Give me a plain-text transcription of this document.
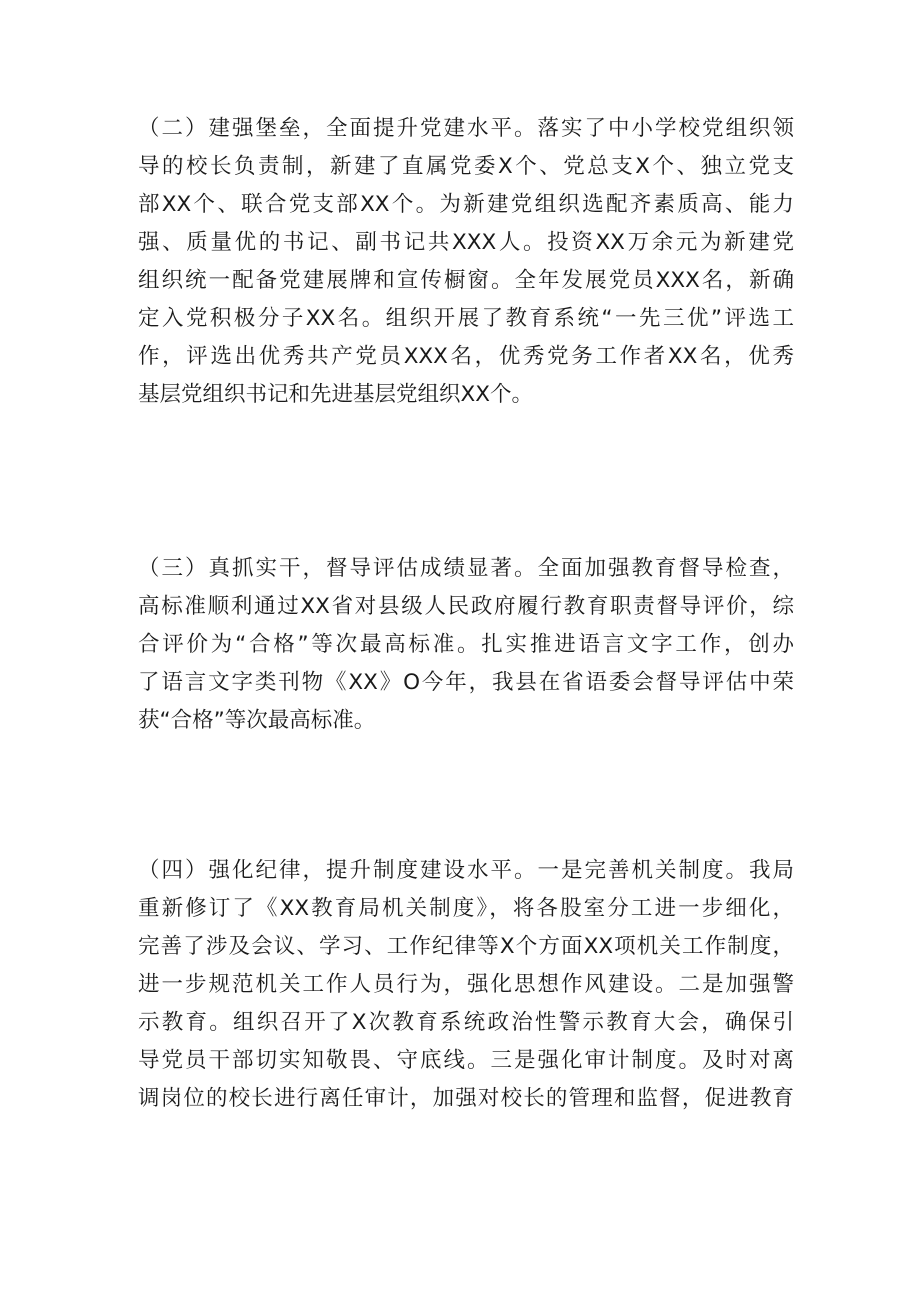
（二）建强堡垒，全面提升党建水平。落实了中小学校党组织领
导的校长负责制，新建了直属党委X个、党总支X个、独立党支
部XX个、联合党支部XX个。为新建党组织选配齐素质高、能力
强、质量优的书记、副书记共XXX人。投资XX万余元为新建党
组织统一配备党建展牌和宣传橱窗。全年发展党员XXX名，新确
定入党积极分子XX名。组织开展了教育系统“一先三优”评选工
作，评选出优秀共产党员XXX名，优秀党务工作者XX名，优秀
基层党组织书记和先进基层党组织XX个。
（三）真抓实干，督导评估成绩显著。全面加强教育督导检查，
高标准顺利通过XX省对县级人民政府履行教育职责督导评价，综
合评价为“合格”等次最高标准。扎实推进语言文字工作，创办
了语言文字类刊物《XX》O今年，我县在省语委会督导评估中荣
获“合格”等次最高标准。
（四）强化纪律，提升制度建设水平。一是完善机关制度。我局
重新修订了《XX教育局机关制度》，将各股室分工进一步细化，
完善了涉及会议、学习、工作纪律等X个方面XX项机关工作制度，
进一步规范机关工作人员行为，强化思想作风建设。二是加强警
示教育。组织召开了X次教育系统政治性警示教育大会，确保引
导党员干部切实知敬畏、守底线。三是强化审计制度。及时对离
调岗位的校长进行离任审计，加强对校长的管理和监督，促进教育
